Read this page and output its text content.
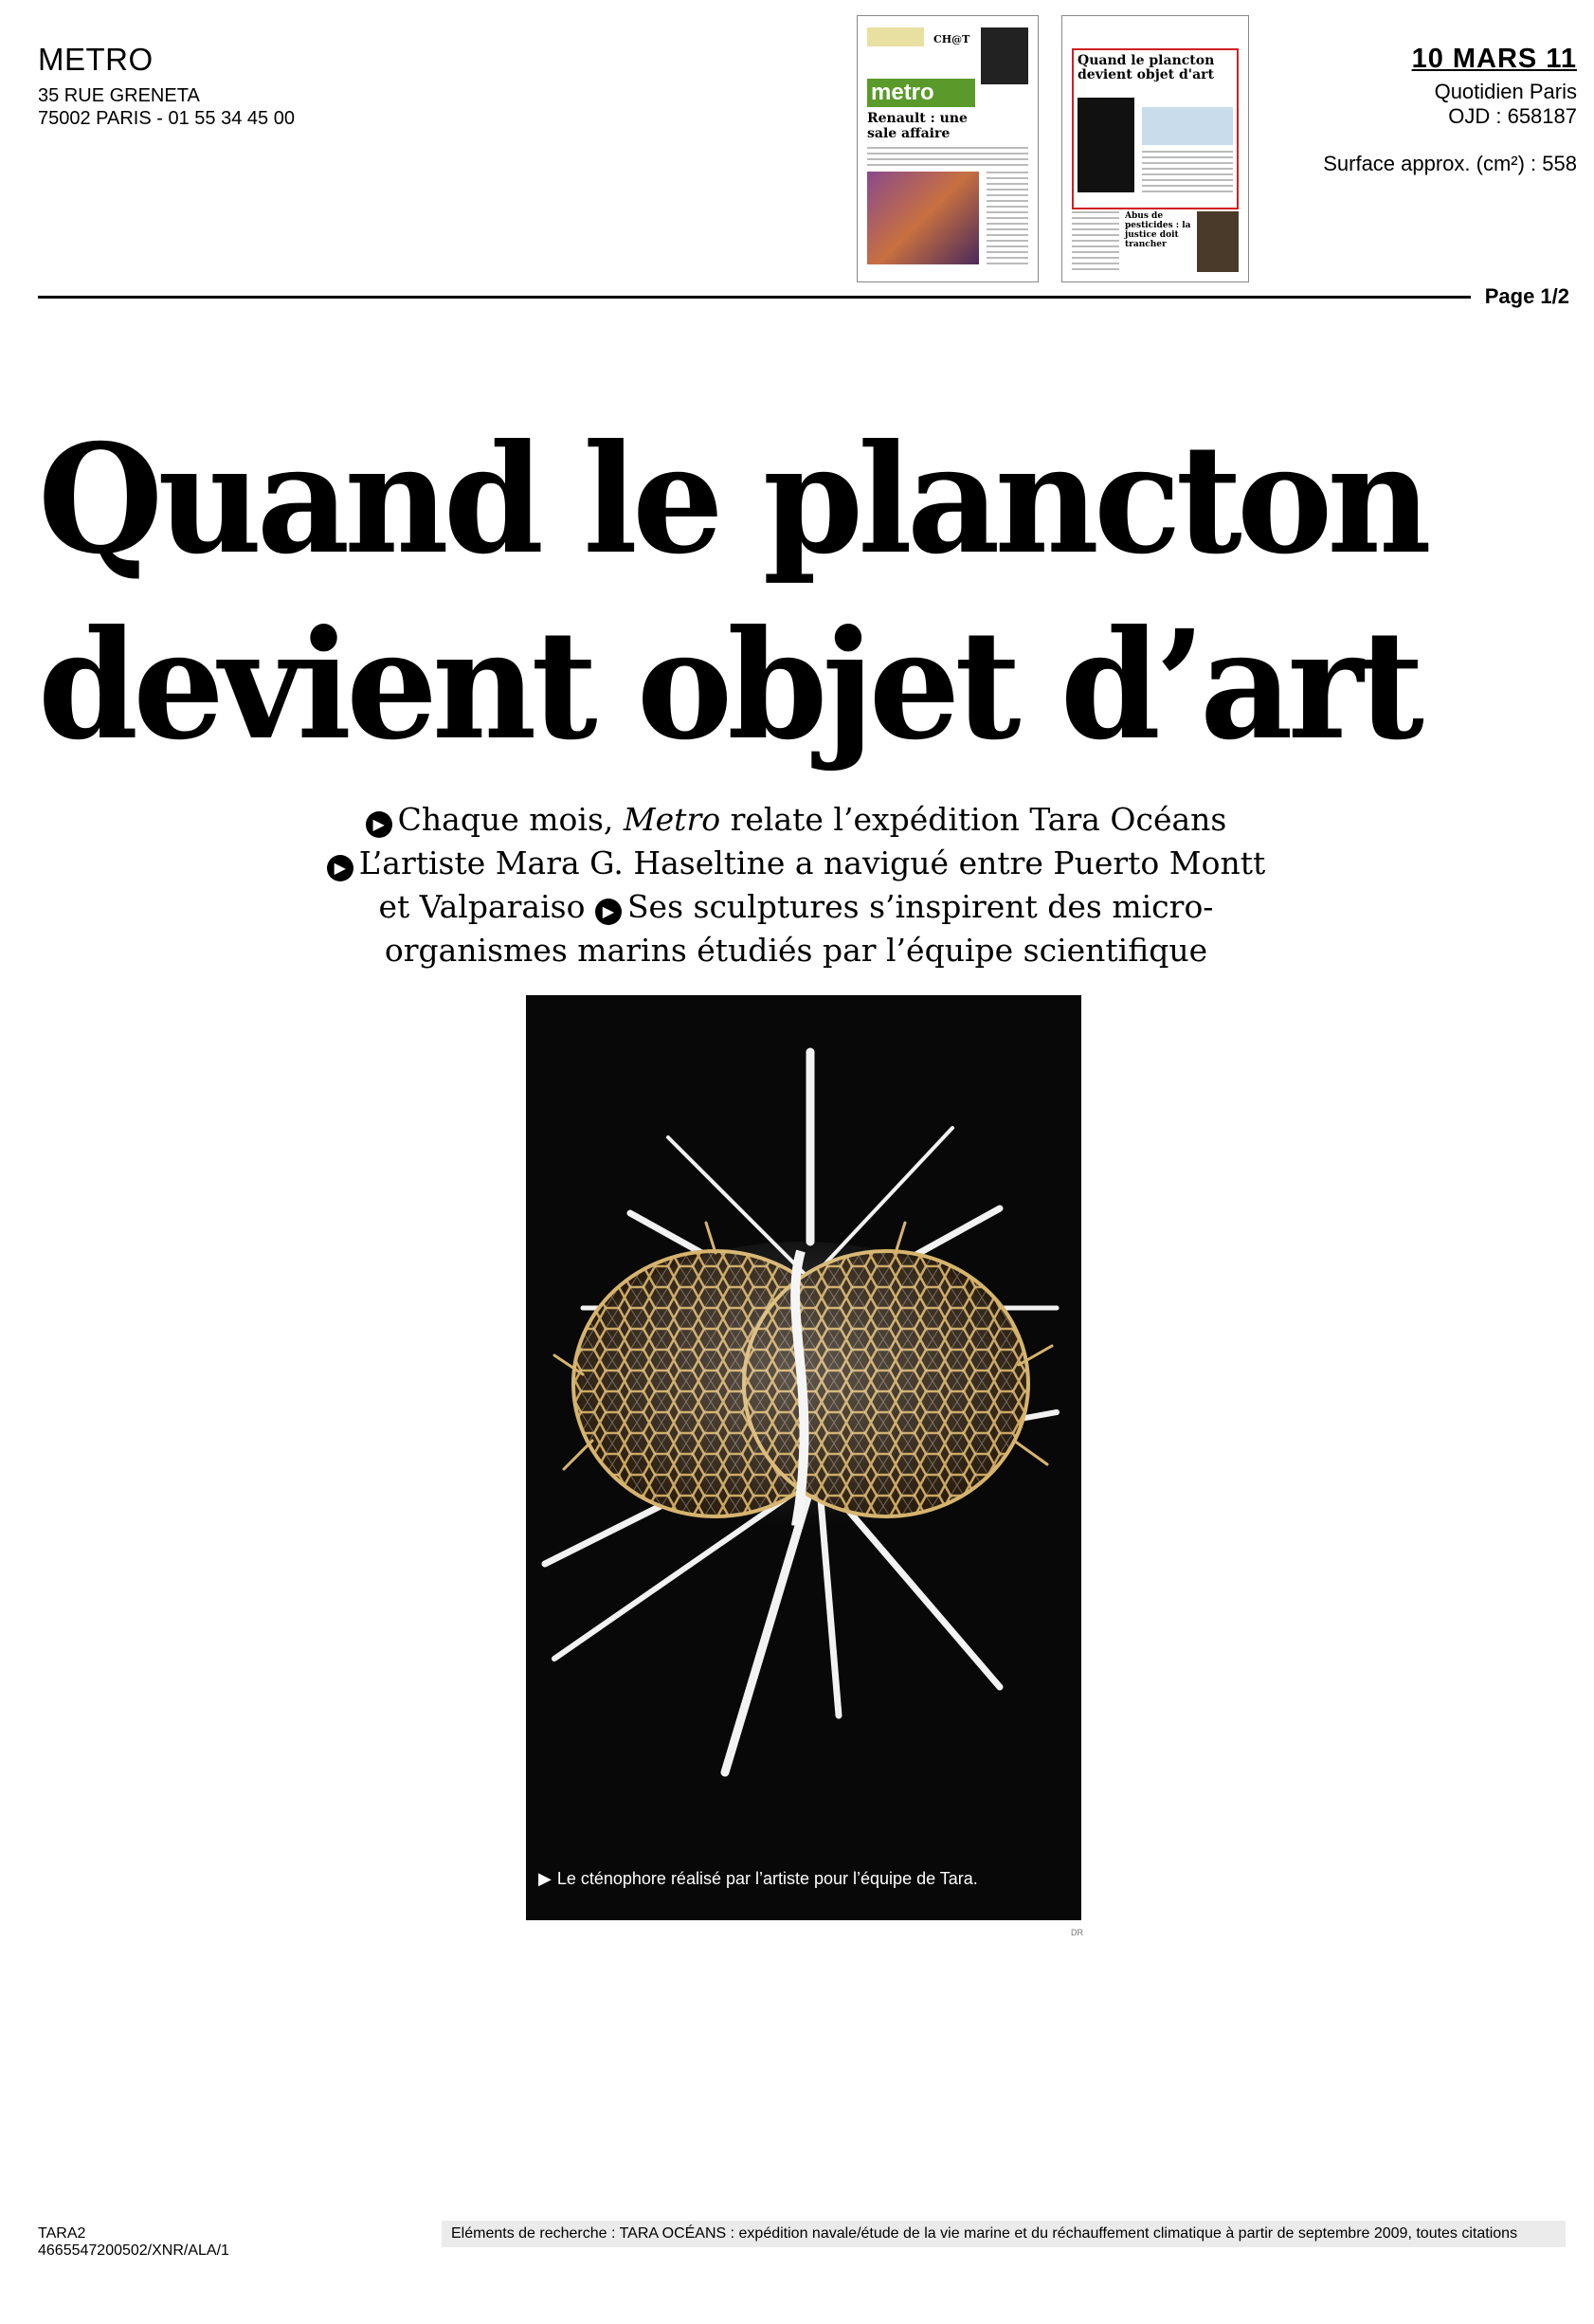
METRO
35 RUE GRENETA
75002 PARIS - 01 55 34 45 00
10 MARS 11
Quotidien Paris
OJD : 658187
Surface approx. (cm²) : 558
CH@T
metro
Renault : une sale affaire
Quand le plancton devient objet d'art
Abus de pesticides : la justice doit trancher
Page 1/2
Quand le plancton
devient objet d’art
▶ Chaque mois, Metro relate l’expédition Tara Océans
▶ L’artiste Mara G. Haseltine a navigué entre Puerto Montt et Valparaiso ▶ Ses sculptures s’inspirent des micro-organismes marins étudiés par l’équipe scientifique
▶ Le cténophore réalisé par l’artiste pour l’équipe de Tara.
DR
TARA2
4665547200502/XNR/ALA/1
Eléments de recherche : TARA OCÉANS : expédition navale/étude de la vie marine et du réchauffement climatique à partir de septembre 2009, toutes citations
